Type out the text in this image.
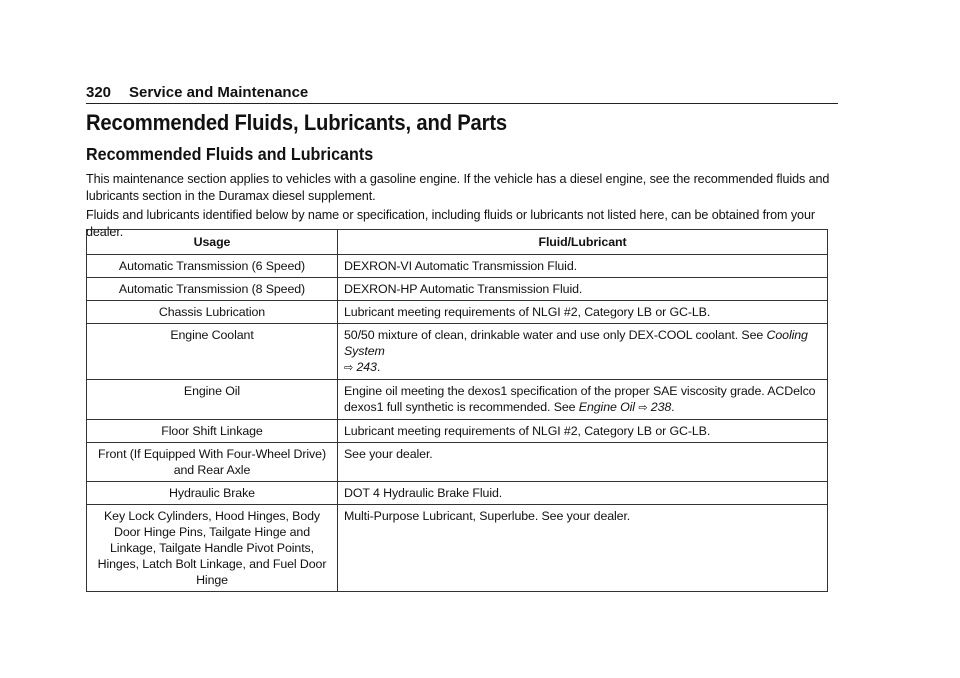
320 Service and Maintenance
Recommended Fluids, Lubricants, and Parts
Recommended Fluids and Lubricants

This maintenance section applies to vehicles with a gasoline engine. If the vehicle has a diesel engine, see the recommended fluids and lubricants section in the Duramax diesel supplement.

Fluids and lubricants identified below by name or specification, including fluids or lubricants not listed here, can be obtained from your dealer.

Usage	Fluid/Lubricant
Automatic Transmission (6 Speed)	DEXRON-VI Automatic Transmission Fluid.
Automatic Transmission (8 Speed)	DEXRON-HP Automatic Transmission Fluid.
Chassis Lubrication	Lubricant meeting requirements of NLGI #2, Category LB or GC-LB.
Engine Coolant	50/50 mixture of clean, drinkable water and use only DEX-COOL coolant. See Cooling System
⇨ 243.
Engine Oil	Engine oil meeting the dexos1 specification of the proper SAE viscosity grade. ACDelco dexos1 full synthetic is recommended. See Engine Oil ⇨ 238.
Floor Shift Linkage	Lubricant meeting requirements of NLGI #2, Category LB or GC-LB.
Front (If Equipped With Four-Wheel Drive) and Rear Axle	See your dealer.
Hydraulic Brake	DOT 4 Hydraulic Brake Fluid.
Key Lock Cylinders, Hood Hinges, Body Door Hinge Pins, Tailgate Hinge and Linkage, Tailgate Handle Pivot Points, Hinges, Latch Bolt Linkage, and Fuel Door Hinge	Multi-Purpose Lubricant, Superlube. See your dealer.
